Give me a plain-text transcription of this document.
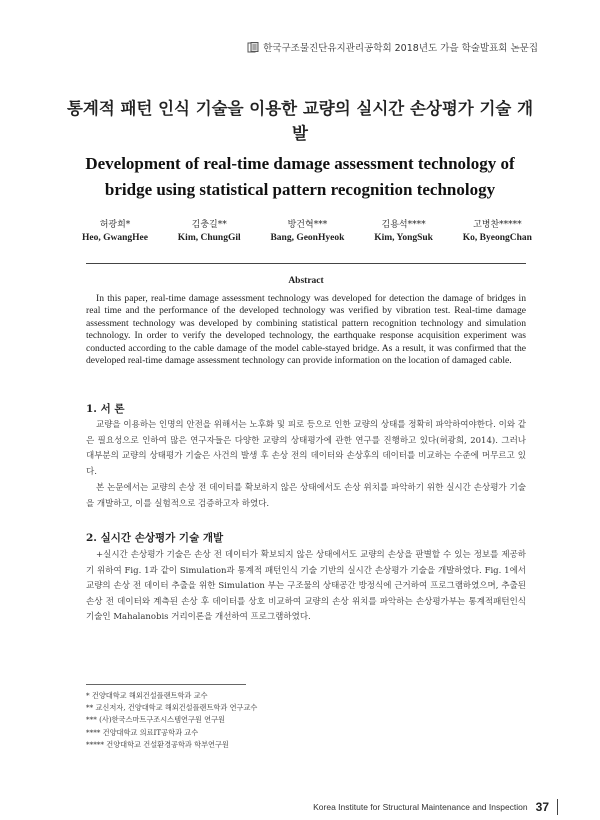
한국구조물진단유지관리공학회 2018년도 가을 학술발표회 논문집
통계적 패턴 인식 기술을 이용한 교량의 실시간 손상평가 기술 개발
Development of real-time damage assessment technology of bridge using statistical pattern recognition technology
허광희*
Heo, GwangHee
김충길**
Kim, ChungGil
방건혁***
Bang, GeonHyeok
김용석****
Kim, YongSuk
고병찬*****
Ko, ByeongChan
Abstract
In this paper, real-time damage assessment technology was developed for detection the damage of bridges in real time and the performance of the developed technology was verified by vibration test. Real-time damage assessment technology was developed by combining statistical pattern recognition technology and simulation technology. In order to verify the developed technology, the earthquake response acquisition experiment was conducted according to the cable damage of the model cable-stayed bridge. As a result, it was confirmed that the developed real-time damage assessment technology can provide information on the location of damaged cable.
1. 서 론
교량을 이용하는 인명의 안전을 위해서는 노후화 및 피로 등으로 인한 교량의 상태를 정확히 파악하여야한다. 이와 같은 필요성으로 인하여 많은 연구자들은 다양한 교량의 상태평가에 관한 연구를 진행하고 있다(허광희, 2014). 그러나 대부분의 교량의 상태평가 기술은 사건의 발생 후 손상 전의 데이터와 손상후의 데이터를 비교하는 수준에 머무르고 있다.
본 논문에서는 교량의 손상 전 데이터를 확보하지 않은 상태에서도 손상 위치를 파악하기 위한 실시간 손상평가 기술을 개발하고, 이를 실험적으로 검증하고자 하였다.
2. 실시간 손상평가 기술 개발
+실시간 손상평가 기술은 손상 전 데이터가 확보되지 않은 상태에서도 교량의 손상을 판별할 수 있는 정보를 제공하기 위하여 Fig. 1과 같이 Simulation과 통계적 패턴인식 기술 기반의 실시간 손상평가 기술을 개발하였다. Fig. 1에서 교량의 손상 전 데이터 추출을 위한 Simulation 부는 구조물의 상태공간 방정식에 근거하여 프로그램하였으며, 추출된 손상 전 데이터와 계측된 손상 후 데이터를 상호 비교하여 교량의 손상 위치를 파악하는 손상평가부는 통계적패턴인식 기술인 Mahalanobis 거리이론을 개선하여 프로그램하였다.
* 건양대학교 해외건설플랜트학과 교수
** 교신저자, 건양대학교 해외건설플랜트학과 연구교수
*** (사)한국스마트구조시스템연구원 연구원
**** 건양대학교 의료IT공학과 교수
***** 건양대학교 건설환경공학과 학부연구원
Korea Institute for Structural Maintenance and Inspection 37
